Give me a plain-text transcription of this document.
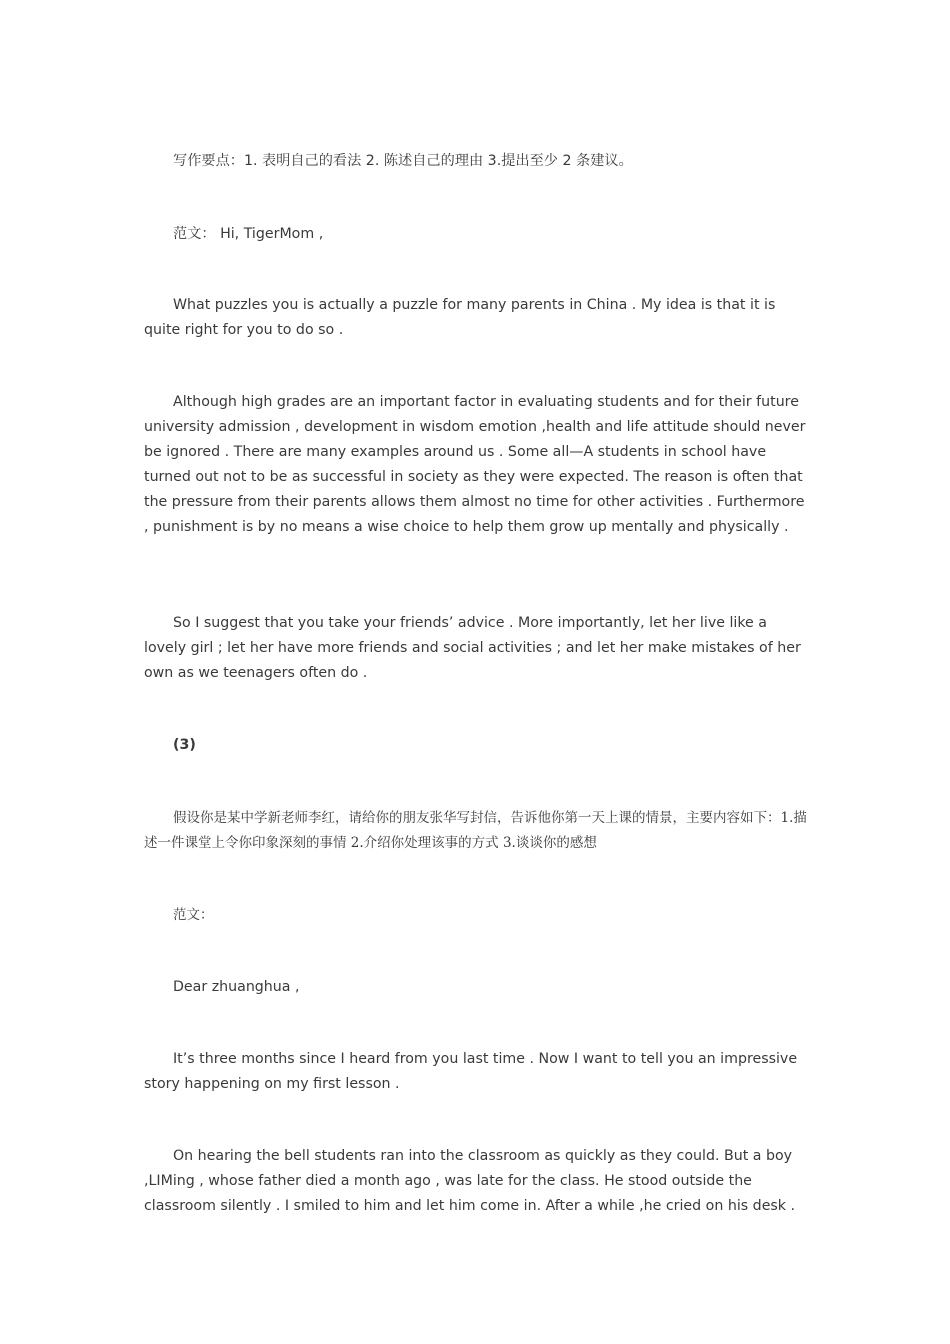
写作要点：1. 表明自己的看法 2. 陈述自己的理由 3.提出至少 2 条建议。

范文： Hi, TigerMom ,

What puzzles you is actually a puzzle for many parents in China . My idea is that it is quite right for you to do so .

Although high grades are an important factor in evaluating students and for their future university admission , development in wisdom emotion ,health and life attitude should never be ignored . There are many examples around us . Some all—A students in school have turned out not to be as successful in society as they were expected. The reason is often that the pressure from their parents allows them almost no time for other activities . Furthermore , punishment is by no means a wise choice to help them grow up mentally and physically .

So I suggest that you take your friends’ advice . More importantly, let her live like a lovely girl ; let her have more friends and social activities ; and let her make mistakes of her own as we teenagers often do .

(3)

假设你是某中学新老师李红，请给你的朋友张华写封信，告诉他你第一天上课的情景，主要内容如下：1.描述一件课堂上令你印象深刻的事情 2.介绍你处理该事的方式 3.谈谈你的感想

范文：

Dear zhuanghua ,

It’s three months since I heard from you last time . Now I want to tell you an impressive story happening on my first lesson .

On hearing the bell students ran into the classroom as quickly as they could. But a boy ,LIMing , whose father died a month ago , was late for the class. He stood outside the classroom silently . I smiled to him and let him come in. After a while ,he cried on his desk .
